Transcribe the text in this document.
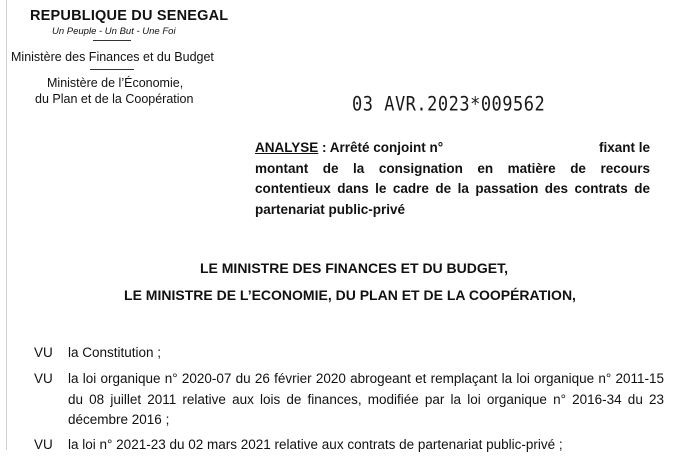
REPUBLIQUE DU SENEGAL
Un Peuple - Un But - Une Foi
Ministère des Finances et du Budget
Ministère de l’Économie,
du Plan et de la Coopération	03 AVR.2023*009562
ANALYSE : Arrêté conjoint n°	fixant le
montant de la consignation en matière de recours contentieux dans le cadre de la passation des contrats de partenariat public-privé
LE MINISTRE DES FINANCES ET DU BUDGET,
LE MINISTRE DE L’ECONOMIE, DU PLAN ET DE LA COOPÉRATION,
VU la Constitution ;
VU la loi organique n° 2020-07 du 26 février 2020 abrogeant et remplaçant la loi organique n° 2011-15 du 08 juillet 2011 relative aux lois de finances, modifiée par la loi organique n° 2016-34 du 23 décembre 2016 ;
VU la loi n° 2021-23 du 02 mars 2021 relative aux contrats de partenariat public-privé ;
